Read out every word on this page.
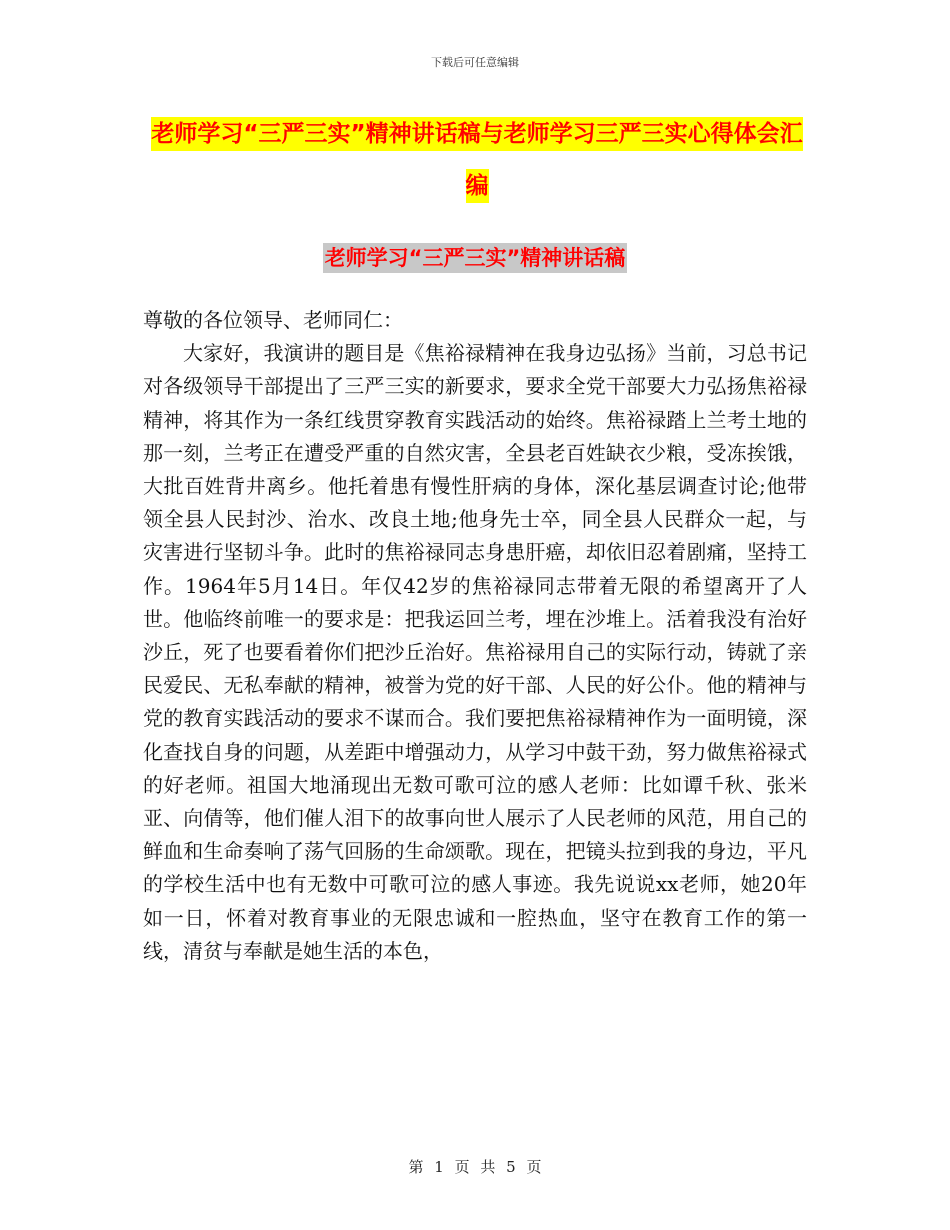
下载后可任意编辑
老师学习“三严三实”精神讲话稿与老师学习三严三实心得体会汇编
老师学习“三严三实”精神讲话稿

尊敬的各位领导、老师同仁：

大家好，我演讲的题目是《焦裕禄精神在我身边弘扬》当前，习总书记对各级领导干部提出了三严三实的新要求，要求全党干部要大力弘扬焦裕禄精神，将其作为一条红线贯穿教育实践活动的始终。焦裕禄踏上兰考土地的那一刻，兰考正在遭受严重的自然灾害，全县老百姓缺衣少粮，受冻挨饿，大批百姓背井离乡。他托着患有慢性肝病的身体，深化基层调查讨论;他带领全县人民封沙、治水、改良土地;他身先士卒，同全县人民群众一起，与灾害进行坚韧斗争。此时的焦裕禄同志身患肝癌，却依旧忍着剧痛，坚持工作。1964年5月14日。年仅42岁的焦裕禄同志带着无限的希望离开了人世。他临终前唯一的要求是：把我运回兰考，埋在沙堆上。活着我没有治好沙丘，死了也要看着你们把沙丘治好。焦裕禄用自己的实际行动，铸就了亲民爱民、无私奉献的精神，被誉为党的好干部、人民的好公仆。他的精神与党的教育实践活动的要求不谋而合。我们要把焦裕禄精神作为一面明镜，深化查找自身的问题，从差距中增强动力，从学习中鼓干劲，努力做焦裕禄式的好老师。祖国大地涌现出无数可歌可泣的感人老师：比如谭千秋、张米亚、向倩等，他们催人泪下的故事向世人展示了人民老师的风范，用自己的鲜血和生命奏响了荡气回肠的生命颂歌。现在，把镜头拉到我的身边，平凡的学校生活中也有无数中可歌可泣的感人事迹。我先说说xx老师，她20年如一日，怀着对教育事业的无限忠诚和一腔热血，坚守在教育工作的第一线，清贫与奉献是她生活的本色，

第 1 页 共 5 页
